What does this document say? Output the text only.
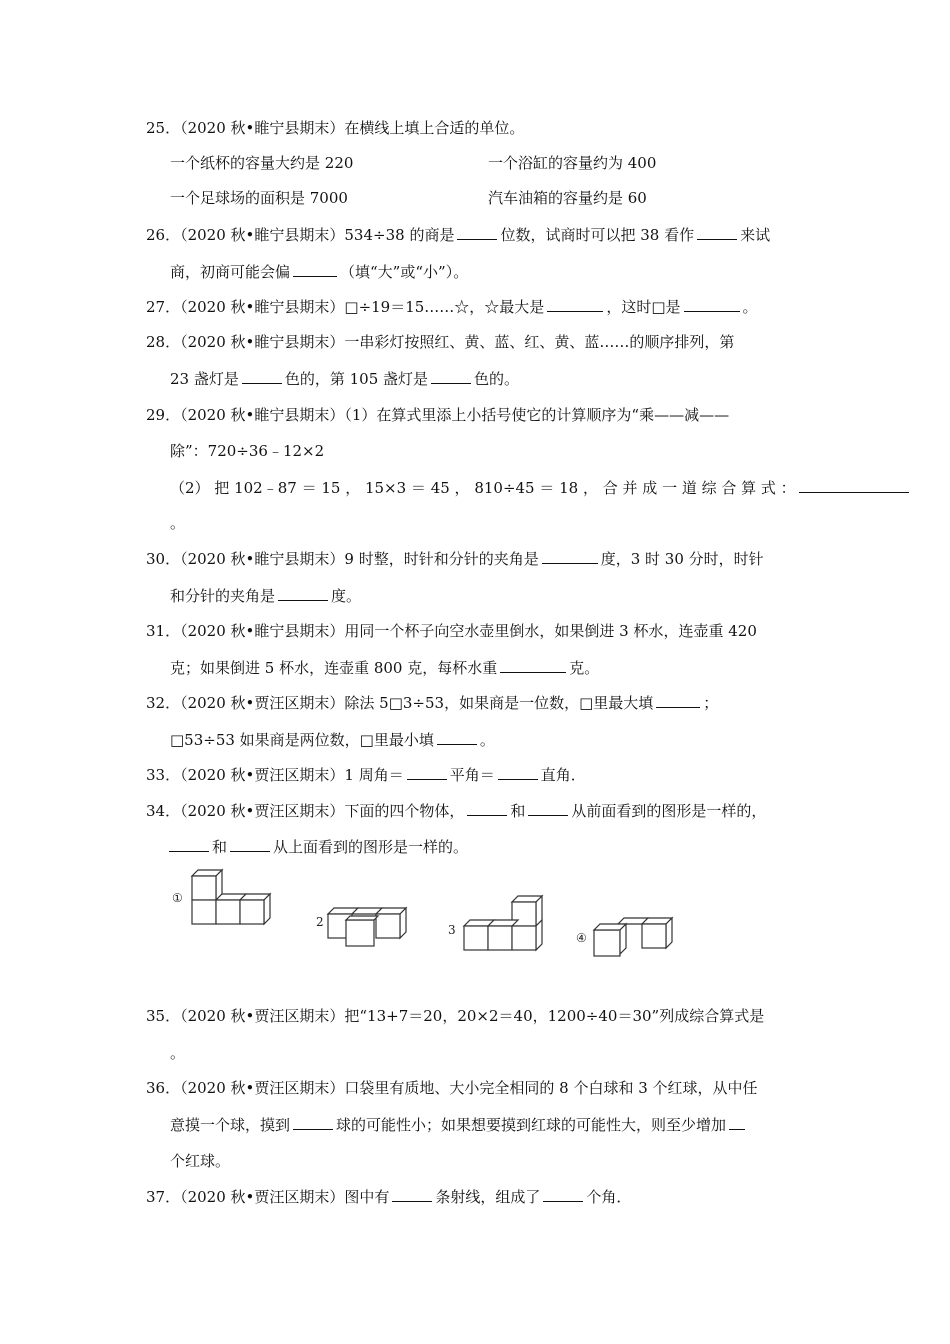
25．（2020 秋•睢宁县期末）在横线上填上合适的单位。
一个纸杯的容量大约是 220	一个浴缸的容量约为 400
一个足球场的面积是 7000	汽车油箱的容量约是 60
26．（2020 秋•睢宁县期末）534÷38 的商是	位数，试商时可以把 38 看作	来试
商，初商可能会偏	（填“大”或“小”）。
27．（2020 秋•睢宁县期末）□÷19＝15……☆，☆最大是	，这时□是	。
28．（2020 秋•睢宁县期末）一串彩灯按照红、黄、蓝、红、黄、蓝……的顺序排列，第
23 盏灯是	色的，第 105 盏灯是	色的。
29．（2020 秋•睢宁县期末）（1）在算式里添上小括号使它的计算顺序为“乘——减——
除”：720÷36﹣12×2
（2） 把 102﹣87 ＝ 15 ， 15×3 ＝ 45 ， 810÷45 ＝ 18 ， 合 并 成 一 道 综 合 算 式 ：
。
30．（2020 秋•睢宁县期末）9 时整，时针和分针的夹角是	度，3 时 30 分时，时针
和分针的夹角是	度。
31．（2020 秋•睢宁县期末）用同一个杯子向空水壶里倒水，如果倒进 3 杯水，连壶重 420
克；如果倒进 5 杯水，连壶重 800 克，每杯水重	克。
32．（2020 秋•贾汪区期末）除法 5□3÷53，如果商是一位数，□里最大填	；
□53÷53 如果商是两位数，□里最小填	。
33．（2020 秋•贾汪区期末）1 周角＝	平角＝	直角．
34．（2020 秋•贾汪区期末）下面的四个物体，	和	从前面看到的图形是一样的，
和	从上面看到的图形是一样的。
①
2
3
④
35．（2020 秋•贾汪区期末）把“13+7＝20，20×2＝40，1200÷40＝30”列成综合算式是
。
36．（2020 秋•贾汪区期末）口袋里有质地、大小完全相同的 8 个白球和 3 个红球，从中任
意摸一个球，摸到	球的可能性小；如果想要摸到红球的可能性大，则至少增加
个红球。
37．（2020 秋•贾汪区期末）图中有	条射线，组成了	个角．
